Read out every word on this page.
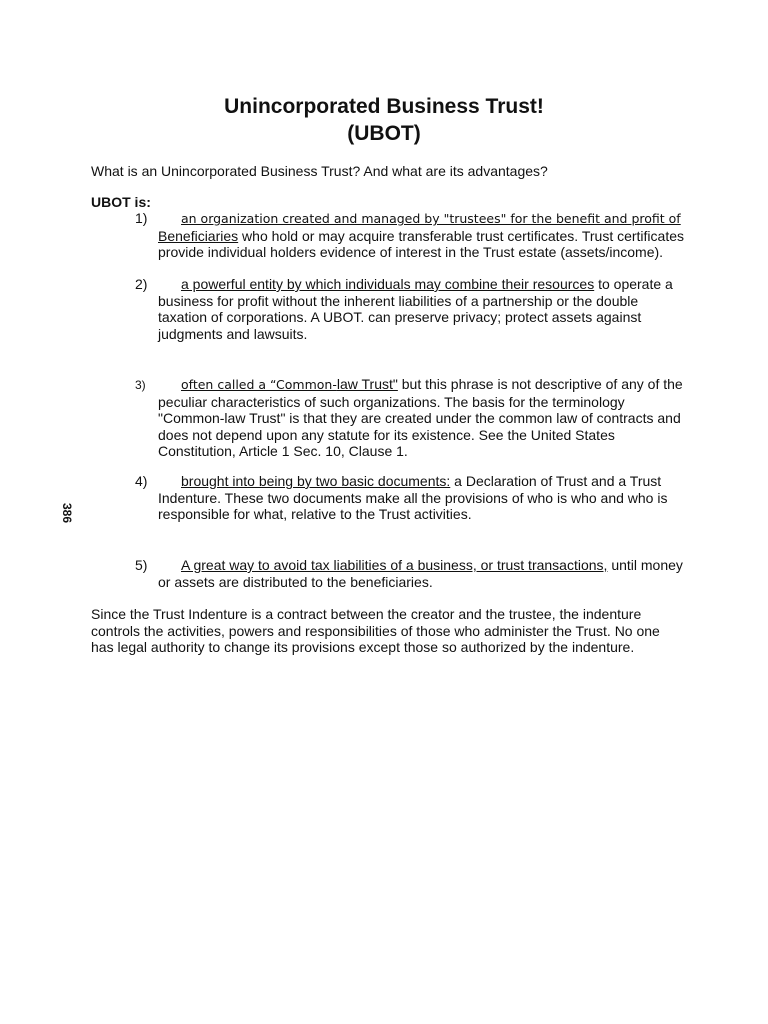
Unincorporated Business Trust!
(UBOT)
What is an Unincorporated Business Trust? And what are its advantages?
UBOT is:
1)	an organization created and managed by "trustees" for the benefit and profit of
Beneficiaries who hold or may acquire transferable trust certificates. Trust certificates
provide individual holders evidence of interest in the Trust estate (assets/income).
2)	a powerful entity by which individuals may combine their resources to operate a
business for profit without the inherent liabilities of a partnership or the double
taxation of corporations. A UBOT. can preserve privacy; protect assets against
judgments and lawsuits.
3)	often called a “Common-law Trust" but this phrase is not descriptive of any of the
peculiar characteristics of such organizations. The basis for the terminology
"Common-law Trust" is that they are created under the common law of contracts and
does not depend upon any statute for its existence. See the United States
Constitution, Article 1 Sec. 10, Clause 1.
4)	brought into being by two basic documents: a Declaration of Trust and a Trust
Indenture. These two documents make all the provisions of who is who and who is
responsible for what, relative to the Trust activities.
5)	A great way to avoid tax liabilities of a business, or trust transactions, until money
or assets are distributed to the beneficiaries.
Since the Trust Indenture is a contract between the creator and the trustee, the indenture
controls the activities, powers and responsibilities of those who administer the Trust. No one
has legal authority to change its provisions except those so authorized by the indenture.
386
